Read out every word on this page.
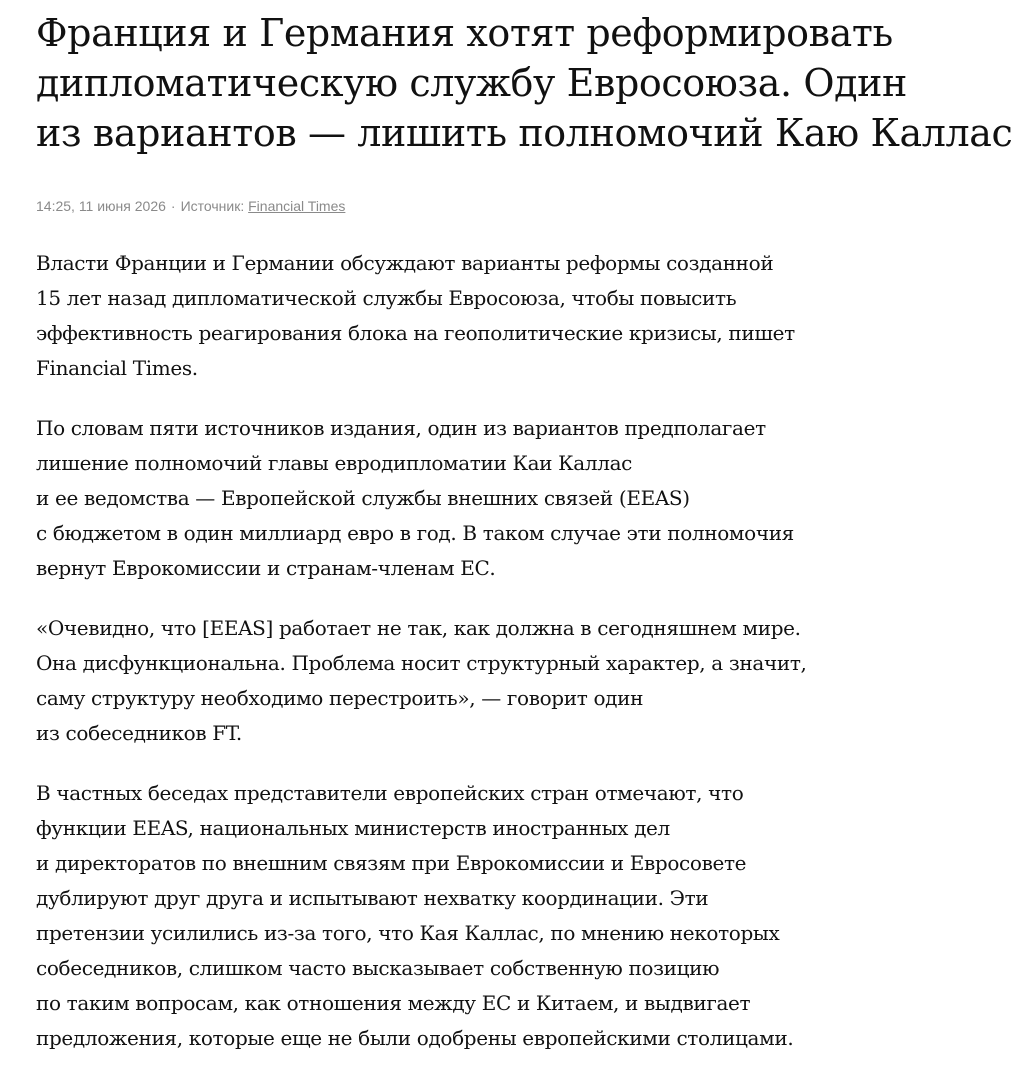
Франция и Германия хотят реформировать
дипломатическую службу Евросоюза. Один
из вариантов — лишить полномочий Каю Каллас
14:25, 11 июня 2026 · Источник: Financial Times

Власти Франции и Германии обсуждают варианты реформы созданной
15 лет назад дипломатической службы Евросоюза, чтобы повысить
эффективность реагирования блока на геополитические кризисы, пишет
Financial Times.

По словам пяти источников издания, один из вариантов предполагает
лишение полномочий главы евродипломатии Каи Каллас
и ее ведомства — Европейской службы внешних связей (EEAS)
с бюджетом в один миллиард евро в год. В таком случае эти полномочия
вернут Еврокомиссии и странам-членам ЕС.

«Очевидно, что [EEAS] работает не так, как должна в сегодняшнем мире.
Она дисфункциональна. Проблема носит структурный характер, а значит,
саму структуру необходимо перестроить», — говорит один
из собеседников FT.

В частных беседах представители европейских стран отмечают, что
функции EEAS, национальных министерств иностранных дел
и директоратов по внешним связям при Еврокомиссии и Евросовете
дублируют друг друга и испытывают нехватку координации. Эти
претензии усилились из-за того, что Кая Каллас, по мнению некоторых
собеседников, слишком часто высказывает собственную позицию
по таким вопросам, как отношения между ЕС и Китаем, и выдвигает
предложения, которые еще не были одобрены европейскими столицами.
